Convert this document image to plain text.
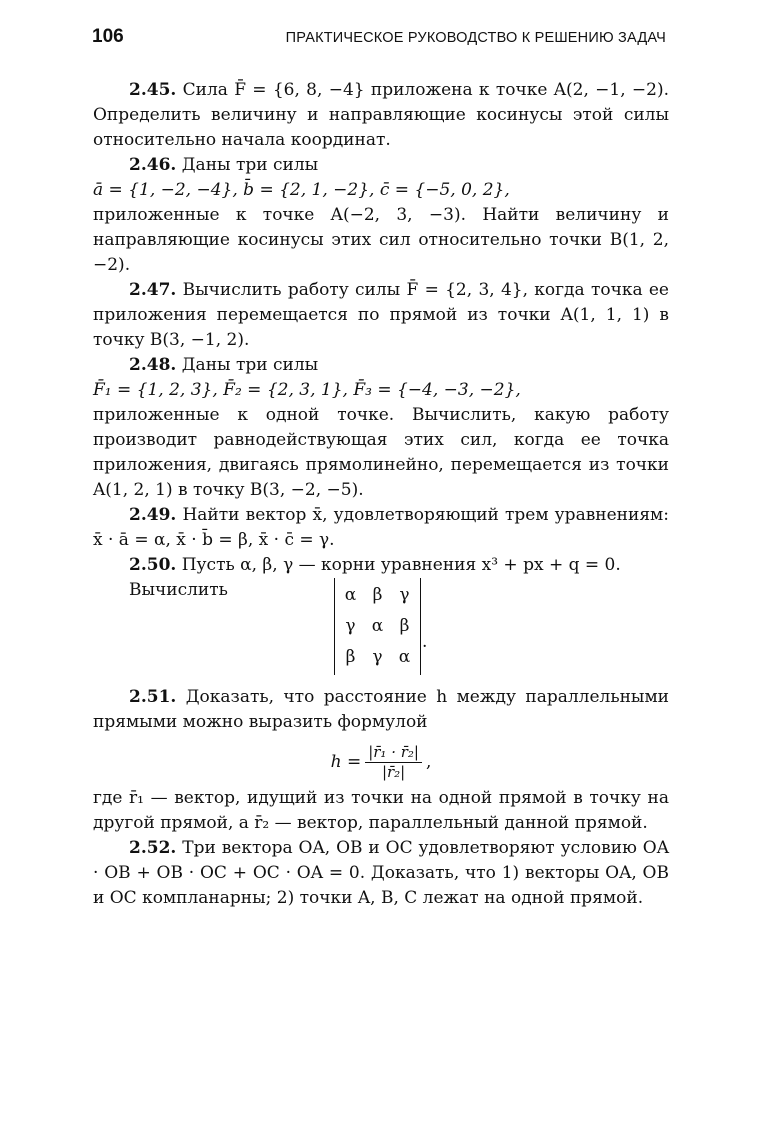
106	ПРАКТИЧЕСКОЕ РУКОВОДСТВО К РЕШЕНИЮ ЗАДАЧ

2.45. Сила F̄ = {6, 8, −4} приложена к точке A(2, −1, −2). Определить величину и направляющие косинусы этой силы относительно начала координат.

2.46. Даны три силы

ā = {1, −2, −4}, b̄ = {2, 1, −2}, c̄ = {−5, 0, 2},

приложенные к точке A(−2, 3, −3). Найти величину и направляющие косинусы этих сил относительно точки B(1, 2, −2).

2.47. Вычислить работу силы F̄ = {2, 3, 4}, когда точка ее приложения перемещается по прямой из точки A(1, 1, 1) в точку B(3, −1, 2).

2.48. Даны три силы

F̄₁ = {1, 2, 3}, F̄₂ = {2, 3, 1}, F̄₃ = {−4, −3, −2},

приложенные к одной точке. Вычислить, какую работу производит равнодействующая этих сил, когда ее точка приложения, двигаясь прямолинейно, перемещается из точки A(1, 2, 1) в точку B(3, −2, −5).

2.49. Найти вектор x̄, удовлетворяющий трем уравнениям: x̄ · ā = α, x̄ · b̄ = β, x̄ · c̄ = γ.

2.50. Пусть α, β, γ — корни уравнения x³ + px + q = 0.

Вычислить	α β	γ
γ α β
β	γ α
.

2.51. Доказать, что расстояние h между параллельными прямыми можно выразить формулой

$h = \frac{\text{|r̄₁ · r̄₂|}}{\text{|r̄₂|}}$ ,

где r̄₁ — вектор, идущий из точки на одной прямой в точку на другой прямой, а r̄₂ — вектор, параллельный данной прямой.

2.52. Три вектора OA, OB и OC удовлетворяют условию OA · OB + OB · OC + OC · OA = 0. Доказать, что 1) векторы OA, OB и OC компланарны; 2) точки A, B, C лежат на одной прямой.
